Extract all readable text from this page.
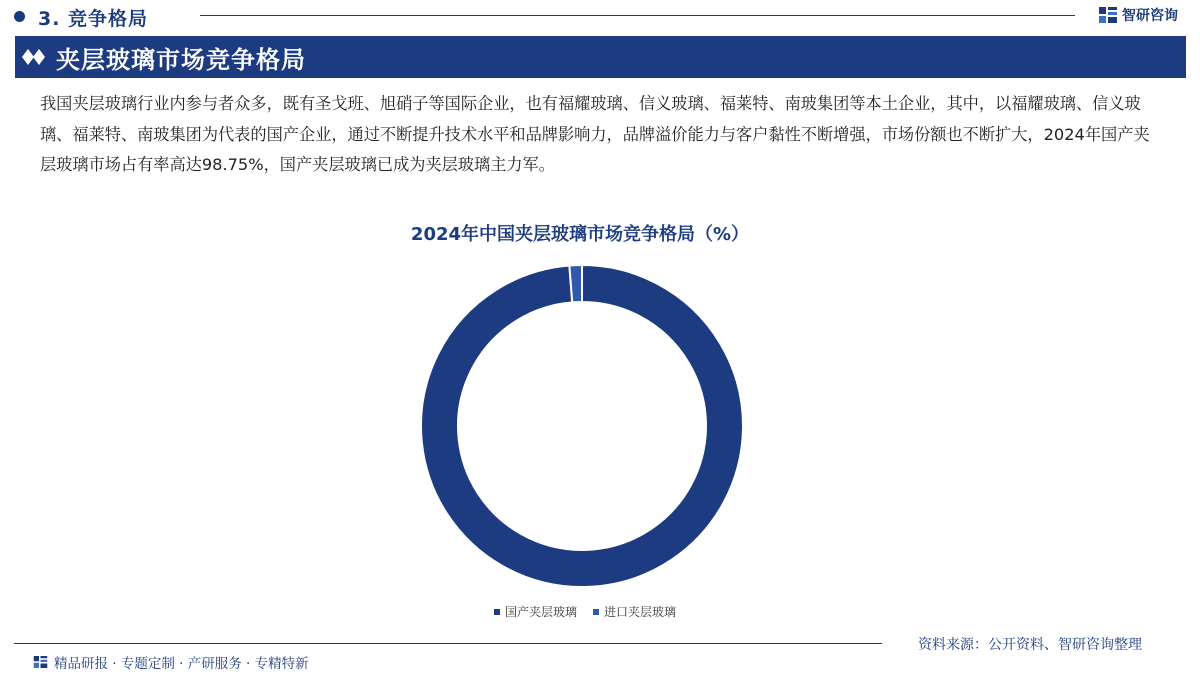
3. 竞争格局	智研咨询
夹层玻璃市场竞争格局
我国夹层玻璃行业内参与者众多，既有圣戈班、旭硝子等国际企业，也有福耀玻璃、信义玻璃、福莱特、南玻集团等本土企业，其中，以福耀玻璃、信义玻璃、福莱特、南玻集团为代表的国产企业，通过不断提升技术水平和品牌影响力，品牌溢价能力与客户黏性不断增强，市场份额也不断扩大，2024年国产夹层玻璃市场占有率高达98.75%，国产夹层玻璃已成为夹层玻璃主力军。
2024年中国夹层玻璃市场竞争格局（%）
国产夹层玻璃 进口夹层玻璃
精品研报 · 专题定制 · 产研服务 · 专精特新
资料来源：公开资料、智研咨询整理
